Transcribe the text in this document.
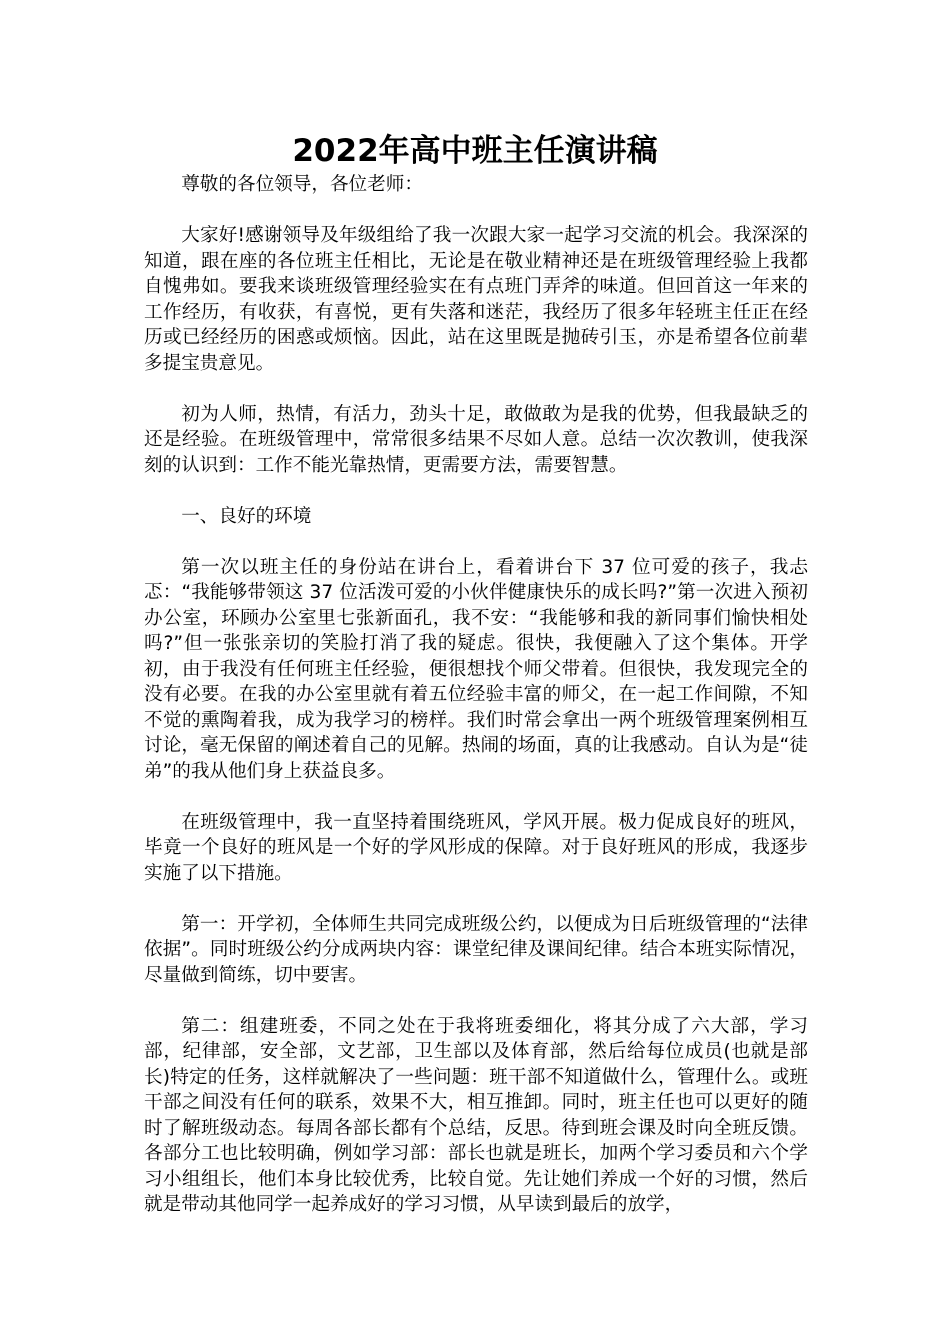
2022年高中班主任演讲稿

尊敬的各位领导，各位老师：

大家好!感谢领导及年级组给了我一次跟大家一起学习交流的机会。我深深的知道，跟在座的各位班主任相比，无论是在敬业精神还是在班级管理经验上我都自愧弗如。要我来谈班级管理经验实在有点班门弄斧的味道。但回首这一年来的工作经历，有收获，有喜悦，更有失落和迷茫，我经历了很多年轻班主任正在经历或已经经历的困惑或烦恼。因此，站在这里既是抛砖引玉，亦是希望各位前辈多提宝贵意见。

初为人师，热情，有活力，劲头十足，敢做敢为是我的优势，但我最缺乏的还是经验。在班级管理中，常常很多结果不尽如人意。总结一次次教训，使我深刻的认识到：工作不能光靠热情，更需要方法，需要智慧。

一、良好的环境

第一次以班主任的身份站在讲台上，看着讲台下 37 位可爱的孩子，我忐忑：“我能够带领这 37 位活泼可爱的小伙伴健康快乐的成长吗?”第一次进入预初办公室，环顾办公室里七张新面孔，我不安：“我能够和我的新同事们愉快相处吗?”但一张张亲切的笑脸打消了我的疑虑。很快，我便融入了这个集体。开学初，由于我没有任何班主任经验，便很想找个师父带着。但很快，我发现完全的没有必要。在我的办公室里就有着五位经验丰富的师父，在一起工作间隙，不知不觉的熏陶着我，成为我学习的榜样。我们时常会拿出一两个班级管理案例相互讨论，毫无保留的阐述着自己的见解。热闹的场面，真的让我感动。自认为是“徒弟”的我从他们身上获益良多。

在班级管理中，我一直坚持着围绕班风，学风开展。极力促成良好的班风，毕竟一个良好的班风是一个好的学风形成的保障。对于良好班风的形成，我逐步实施了以下措施。

第一：开学初，全体师生共同完成班级公约，以便成为日后班级管理的“法律依据”。同时班级公约分成两块内容：课堂纪律及课间纪律。结合本班实际情况，尽量做到简练，切中要害。

第二：组建班委，不同之处在于我将班委细化，将其分成了六大部，学习部，纪律部，安全部，文艺部，卫生部以及体育部，然后给每位成员(也就是部长)特定的任务，这样就解决了一些问题：班干部不知道做什么，管理什么。或班干部之间没有任何的联系，效果不大，相互推卸。同时，班主任也可以更好的随时了解班级动态。每周各部长都有个总结，反思。待到班会课及时向全班反馈。各部分工也比较明确，例如学习部：部长也就是班长，加两个学习委员和六个学习小组组长，他们本身比较优秀，比较自觉。先让她们养成一个好的习惯，然后就是带动其他同学一起养成好的学习习惯，从早读到最后的放学，
